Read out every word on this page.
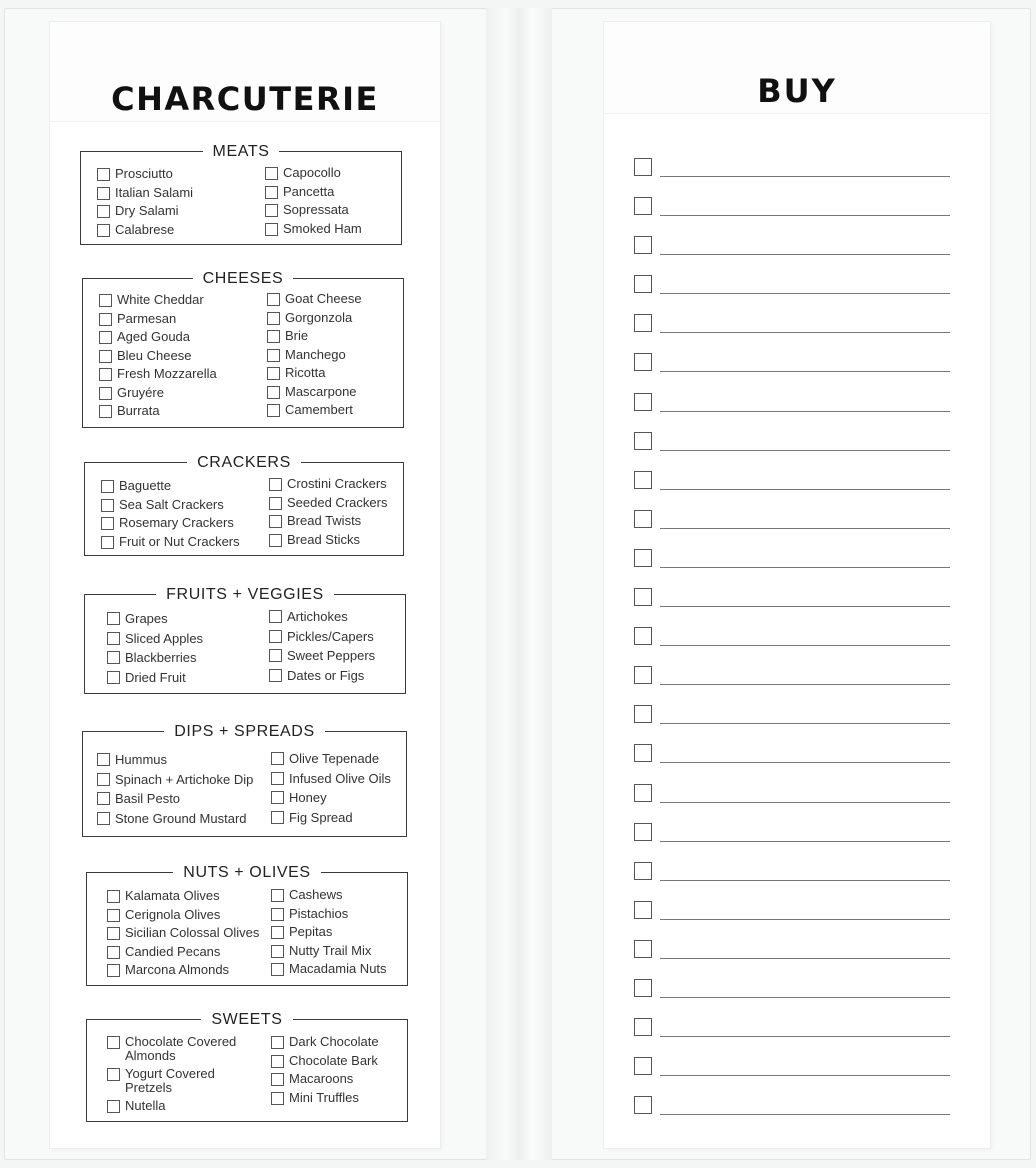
CHARCUTERIE
MEATS
Prosciutto
Italian Salami
Dry Salami
Calabrese
Capocollo
Pancetta
Sopressata
Smoked Ham
CHEESES
White Cheddar
Parmesan
Aged Gouda
Bleu Cheese
Fresh Mozzarella
Gruyére
Burrata
Goat Cheese
Gorgonzola
Brie
Manchego
Ricotta
Mascarpone
Camembert
CRACKERS
Baguette
Sea Salt Crackers
Rosemary Crackers
Fruit or Nut Crackers
Crostini Crackers
Seeded Crackers
Bread Twists
Bread Sticks
FRUITS + VEGGIES
Grapes
Sliced Apples
Blackberries
Dried Fruit
Artichokes
Pickles/Capers
Sweet Peppers
Dates or Figs
DIPS + SPREADS
Hummus
Spinach + Artichoke Dip
Basil Pesto
Stone Ground Mustard
Olive Tepenade
Infused Olive Oils
Honey
Fig Spread
NUTS + OLIVES
Kalamata Olives
Cerignola Olives
Sicilian Colossal Olives
Candied Pecans
Marcona Almonds
Cashews
Pistachios
Pepitas
Nutty Trail Mix
Macadamia Nuts
SWEETS
Chocolate Covered Almonds
Yogurt Covered Pretzels
Nutella
Dark Chocolate
Chocolate Bark
Macaroons
Mini Truffles
BUY
